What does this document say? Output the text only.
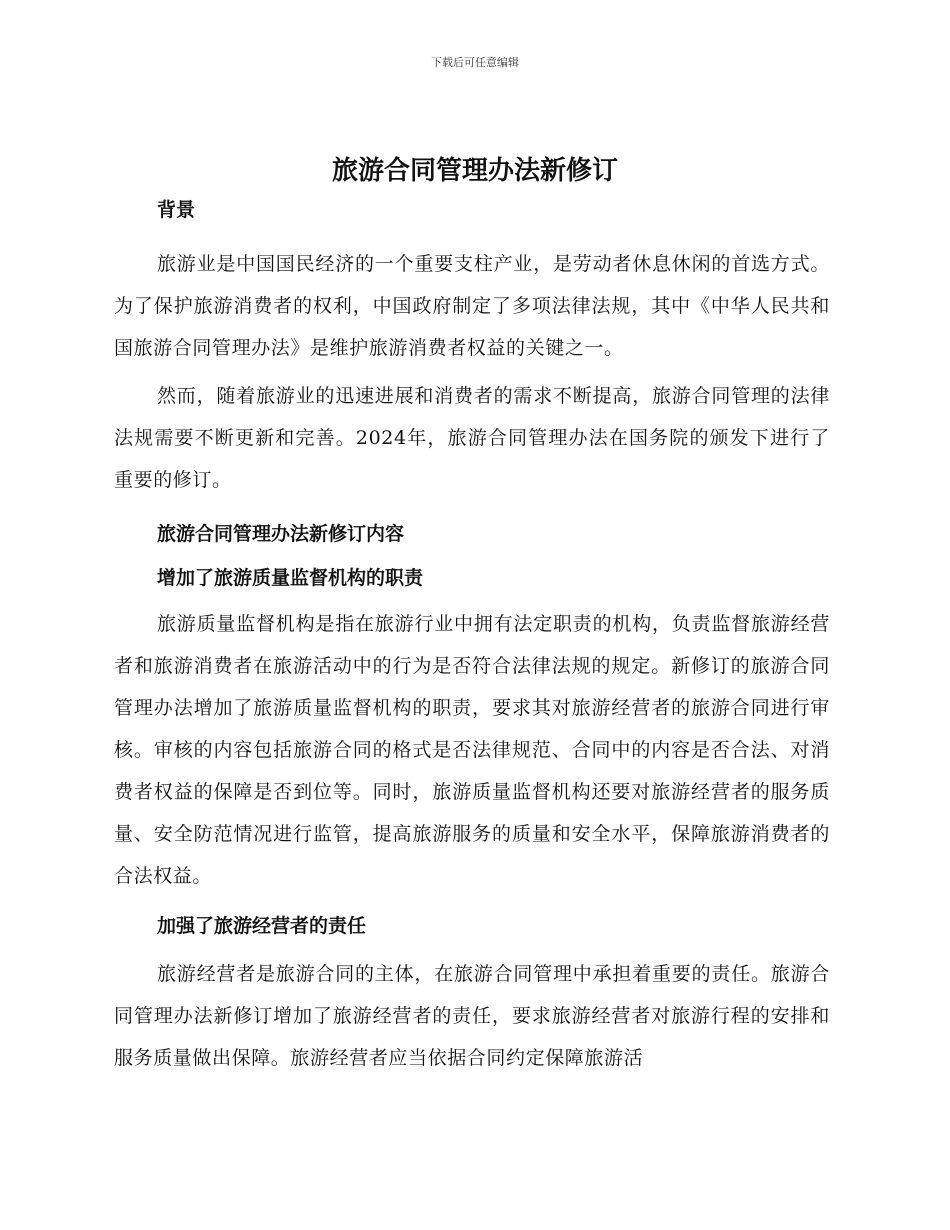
下载后可任意编辑
旅游合同管理办法新修订

背景

旅游业是中国国民经济的一个重要支柱产业，是劳动者休息休闲的首选方式。为了保护旅游消费者的权利，中国政府制定了多项法律法规，其中《中华人民共和国旅游合同管理办法》是维护旅游消费者权益的关键之一。

然而，随着旅游业的迅速进展和消费者的需求不断提高，旅游合同管理的法律法规需要不断更新和完善。2024年，旅游合同管理办法在国务院的颁发下进行了重要的修订。

旅游合同管理办法新修订内容

增加了旅游质量监督机构的职责

旅游质量监督机构是指在旅游行业中拥有法定职责的机构，负责监督旅游经营者和旅游消费者在旅游活动中的行为是否符合法律法规的规定。新修订的旅游合同管理办法增加了旅游质量监督机构的职责，要求其对旅游经营者的旅游合同进行审核。审核的内容包括旅游合同的格式是否法律规范、合同中的内容是否合法、对消费者权益的保障是否到位等。同时，旅游质量监督机构还要对旅游经营者的服务质量、安全防范情况进行监管，提高旅游服务的质量和安全水平，保障旅游消费者的合法权益。

加强了旅游经营者的责任

旅游经营者是旅游合同的主体，在旅游合同管理中承担着重要的责任。旅游合同管理办法新修订增加了旅游经营者的责任，要求旅游经营者对旅游行程的安排和服务质量做出保障。旅游经营者应当依据合同约定保障旅游活
